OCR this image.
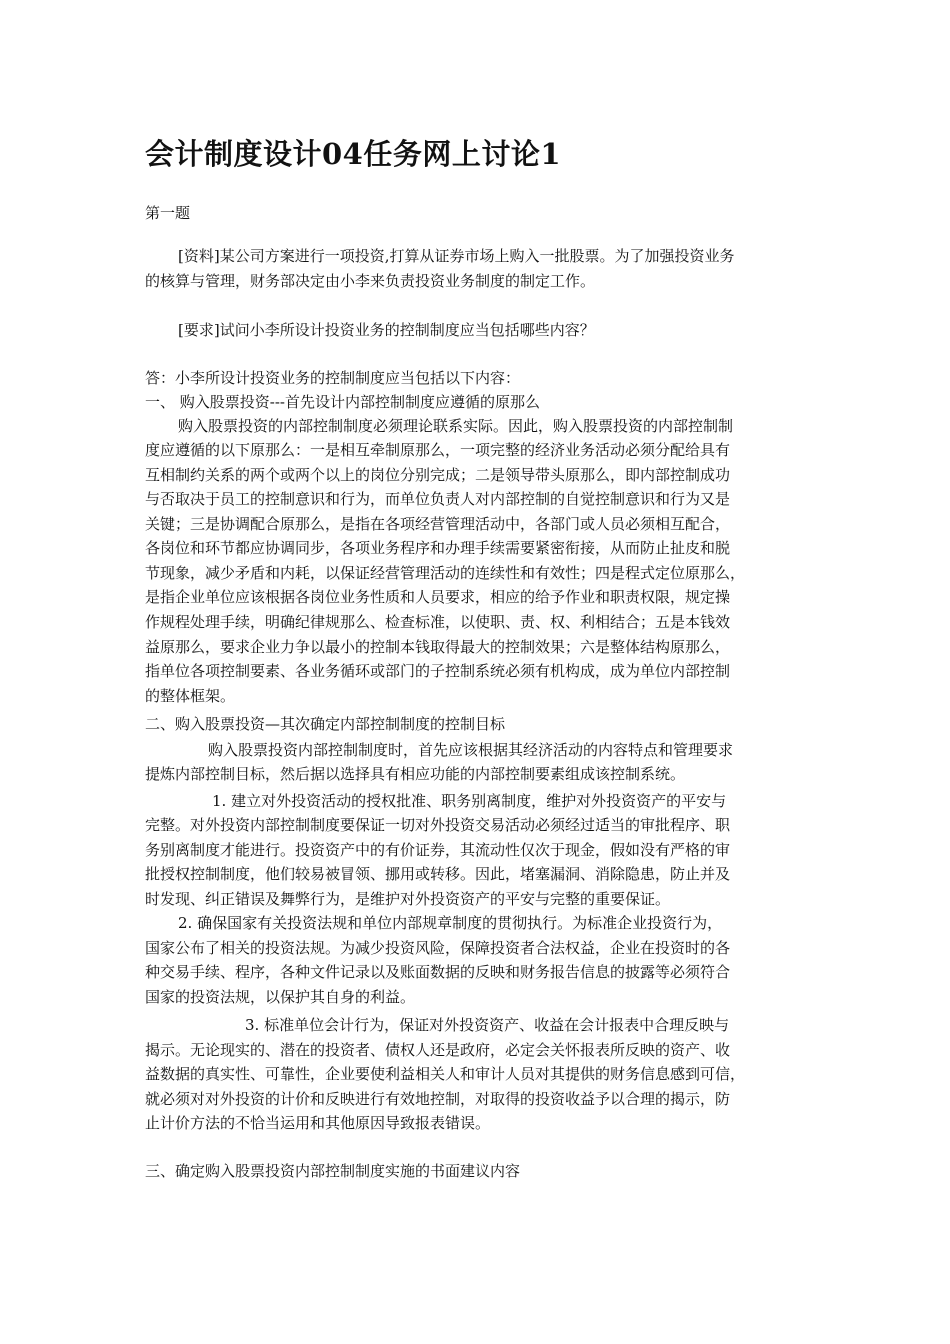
会计制度设计04任务网上讨论1

第一题

[资料]某公司方案进行一项投资,打算从证券市场上购入一批股票。为了加强投资业务

的核算与管理，财务部决定由小李来负责投资业务制度的制定工作。

[要求]试问小李所设计投资业务的控制制度应当包括哪些内容？

答：小李所设计投资业务的控制制度应当包括以下内容：

一、 购入股票投资---首先设计内部控制制度应遵循的原那么

购入股票投资的内部控制制度必须理论联系实际。因此，购入股票投资的内部控制制

度应遵循的以下原那么：一是相互牵制原那么，一项完整的经济业务活动必须分配给具有

互相制约关系的两个或两个以上的岗位分别完成；二是领导带头原那么，即内部控制成功

与否取决于员工的控制意识和行为，而单位负责人对内部控制的自觉控制意识和行为又是

关键；三是协调配合原那么，是指在各项经营管理活动中，各部门或人员必须相互配合，

各岗位和环节都应协调同步，各项业务程序和办理手续需要紧密衔接，从而防止扯皮和脱

节现象，减少矛盾和内耗，以保证经营管理活动的连续性和有效性；四是程式定位原那么，

是指企业单位应该根据各岗位业务性质和人员要求，相应的给予作业和职责权限，规定操

作规程处理手续，明确纪律规那么、检查标准，以使职、责、权、利相结合；五是本钱效

益原那么，要求企业力争以最小的控制本钱取得最大的控制效果；六是整体结构原那么，

指单位各项控制要素、各业务循环或部门的子控制系统必须有机构成，成为单位内部控制

的整体框架。

二、购入股票投资—其次确定内部控制制度的控制目标

购入股票投资内部控制制度时，首先应该根据其经济活动的内容特点和管理要求

提炼内部控制目标，然后据以选择具有相应功能的内部控制要素组成该控制系统。

1. 建立对外投资活动的授权批准、职务别离制度，维护对外投资资产的平安与

完整。对外投资内部控制制度要保证一切对外投资交易活动必须经过适当的审批程序、职

务别离制度才能进行。投资资产中的有价证券，其流动性仅次于现金，假如没有严格的审

批授权控制制度，他们较易被冒领、挪用或转移。因此，堵塞漏洞、消除隐患，防止并及

时发现、纠正错误及舞弊行为，是维护对外投资资产的平安与完整的重要保证。

2. 确保国家有关投资法规和单位内部规章制度的贯彻执行。为标准企业投资行为，

国家公布了相关的投资法规。为减少投资风险，保障投资者合法权益，企业在投资时的各

种交易手续、程序，各种文件记录以及账面数据的反映和财务报告信息的披露等必须符合

国家的投资法规，以保护其自身的利益。

3. 标准单位会计行为，保证对外投资资产、收益在会计报表中合理反映与

揭示。无论现实的、潜在的投资者、债权人还是政府，必定会关怀报表所反映的资产、收

益数据的真实性、可靠性，企业要使利益相关人和审计人员对其提供的财务信息感到可信，

就必须对对外投资的计价和反映进行有效地控制，对取得的投资收益予以合理的揭示，防

止计价方法的不恰当运用和其他原因导致报表错误。

三、确定购入股票投资内部控制制度实施的书面建议内容
